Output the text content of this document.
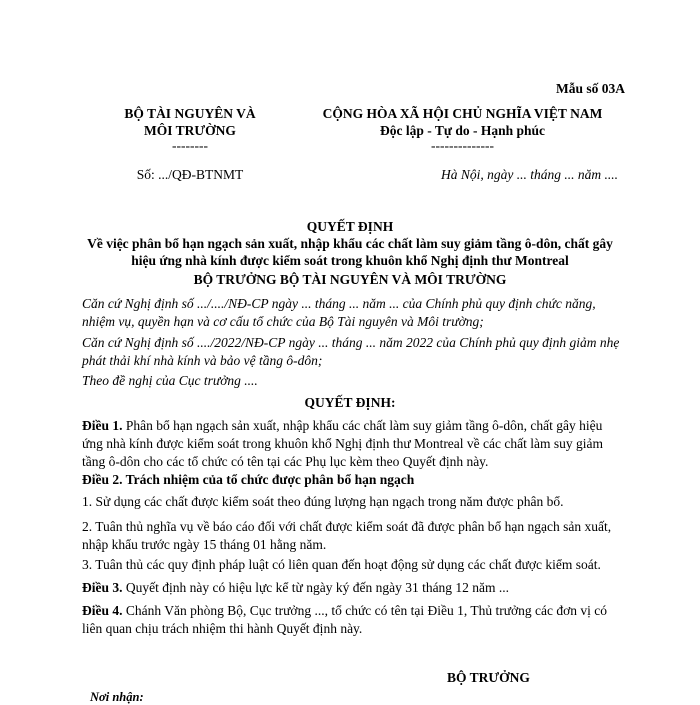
Mẫu số 03A
BỘ TÀI NGUYÊN VÀ
MÔI TRƯỜNG
--------
CỘNG HÒA XÃ HỘI CHỦ NGHĨA VIỆT NAM
Độc lập - Tự do - Hạnh phúc
--------------
Số: .../QĐ-BTNMT	Hà Nội, ngày ... tháng ... năm ....
QUYẾT ĐỊNH
Về việc phân bổ hạn ngạch sản xuất, nhập khẩu các chất làm suy giảm tầng ô-dôn, chất gây
hiệu ứng nhà kính được kiểm soát trong khuôn khổ Nghị định thư Montreal
BỘ TRƯỞNG BỘ TÀI NGUYÊN VÀ MÔI TRƯỜNG
Căn cứ Nghị định số .../..../NĐ-CP ngày ... tháng ... năm ... của Chính phủ quy định chức năng, nhiệm vụ, quyền hạn và cơ cấu tổ chức của Bộ Tài nguyên và Môi trường;
Căn cứ Nghị định số ..../2022/NĐ-CP ngày ... tháng ... năm 2022 của Chính phủ quy định giảm nhẹ phát thải khí nhà kính và bảo vệ tầng ô-dôn;
Theo đề nghị của Cục trưởng ....
QUYẾT ĐỊNH:
Điều 1. Phân bổ hạn ngạch sản xuất, nhập khẩu các chất làm suy giảm tầng ô-dôn, chất gây hiệu ứng nhà kính được kiểm soát trong khuôn khổ Nghị định thư Montreal về các chất làm suy giảm tầng ô-dôn cho các tổ chức có tên tại các Phụ lục kèm theo Quyết định này.
Điều 2. Trách nhiệm của tổ chức được phân bổ hạn ngạch
1. Sử dụng các chất được kiểm soát theo đúng lượng hạn ngạch trong năm được phân bổ.
2. Tuân thủ nghĩa vụ về báo cáo đối với chất được kiểm soát đã được phân bổ hạn ngạch sản xuất, nhập khẩu trước ngày 15 tháng 01 hằng năm.
3. Tuân thủ các quy định pháp luật có liên quan đến hoạt động sử dụng các chất được kiểm soát.
Điều 3. Quyết định này có hiệu lực kể từ ngày ký đến ngày 31 tháng 12 năm ...
Điều 4. Chánh Văn phòng Bộ, Cục trưởng ..., tổ chức có tên tại Điều 1, Thủ trưởng các đơn vị có liên quan chịu trách nhiệm thi hành Quyết định này.
BỘ TRƯỞNG
Nơi nhận:
